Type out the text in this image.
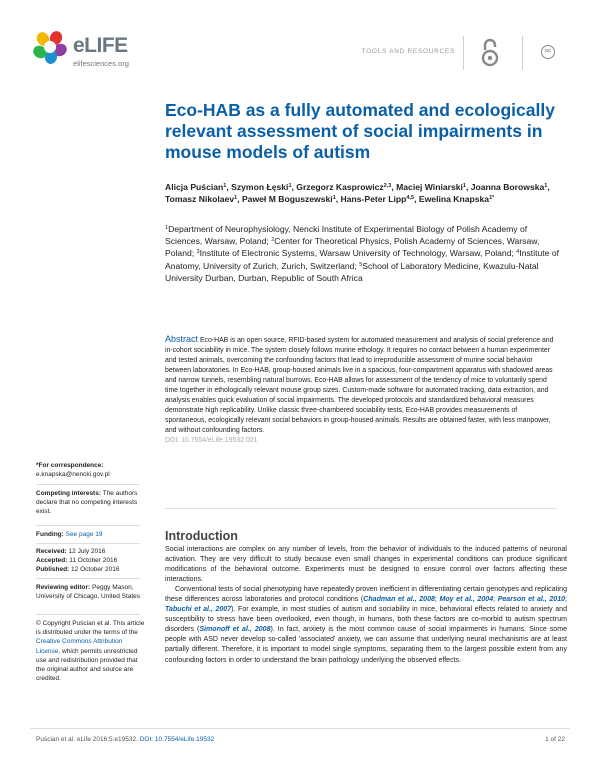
eLIFE
elifesciences.org
TOOLS AND RESOURCES	cc
Eco-HAB as a fully automated and ecologically relevant assessment of social impairments in mouse models of autism
Alicja Puścian$^1$, Szymon Łęski$^1$, Grzegorz Kasprowicz$^{2,3}$, Maciej Winiarski$^1$, Joanna Borowska$^1$, Tomasz Nikolaev$^1$, Paweł M Boguszewski$^1$, Hans-Peter Lipp$^{4,5}$, Ewelina Knapska$^{1*}$
$^1$Department of Neurophysiology, Nencki Institute of Experimental Biology of Polish Academy of Sciences, Warsaw, Poland; $^2$Center for Theoretical Physics, Polish Academy of Sciences, Warsaw, Poland; $^3$Institute of Electronic Systems, Warsaw University of Technology, Warsaw, Poland; $^4$Institute of Anatomy, University of Zurich, Zurich, Switzerland; $^5$School of Laboratory Medicine, Kwazulu-Natal University Durban, Durban, Republic of South Africa
Abstract Eco-HAB is an open source, RFID-based system for automated measurement and analysis of social preference and in-cohort sociability in mice. The system closely follows murine ethology. It requires no contact between a human experimenter and tested animals, overcoming the confounding factors that lead to irreproducible assessment of murine social behavior between laboratories. In Eco-HAB, group-housed animals live in a spacious, four-compartment apparatus with shadowed areas and narrow tunnels, resembling natural burrows. Eco-HAB allows for assessment of the tendency of mice to voluntarily spend time together in ethologically relevant mouse group sizes. Custom-made software for automated tracking, data extraction, and analysis enables quick evaluation of social impairments. The developed protocols and standardized behavioral measures demonstrate high replicability. Unlike classic three-chambered sociability tests, Eco-HAB provides measurements of spontaneous, ecologically relevant social behaviors in group-housed animals. Results are obtained faster, with less manpower, and without confounding factors.
DOI: 10.7554/eLife.19532.001
*For correspondence:
e.knapska@nencki.gov.pl
Competing interests: The authors declare that no competing interests exist.
Funding: See page 19
Received: 12 July 2016
Accepted: 11 October 2016
Published: 12 October 2016
Reviewing editor: Peggy Mason, University of Chicago, United States
© Copyright Puścian et al. This article is distributed under the terms of the Creative Commons Attribution License, which permits unrestricted use and redistribution provided that the original author and source are credited.
Introduction

Social interactions are complex on any number of levels, from the behavior of individuals to the induced patterns of neuronal activation. They are very difficult to study because even small changes in experimental conditions can produce significant modifications of the behavioral outcome. Experiments must be designed to ensure control over factors affecting these interactions.

Conventional tests of social phenotyping have repeatedly proven inefficient in differentiating certain genotypes and replicating these differences across laboratories and protocol conditions (Chadman et al., 2008; Moy et al., 2004; Pearson et al., 2010; Tabuchi et al., 2007). For example, in most studies of autism and sociability in mice, behavioral effects related to anxiety and susceptibility to stress have been overlooked, even though, in humans, both these factors are co-morbid to autism spectrum disorders (Simonoff et al., 2008). In fact, anxiety is the most common cause of social impairments in humans. Since some people with ASD never develop so-called 'associated' anxiety, we can assume that underlying neural mechanisms are at least partially different. Therefore, it is important to model single symptoms, separating them to the largest possible extent from any confounding factors in order to understand the brain pathology underlying the observed effects.

Puścian et al. eLife 2016;5:e19532. DOI: 10.7554/eLife.19532	1 of 22
